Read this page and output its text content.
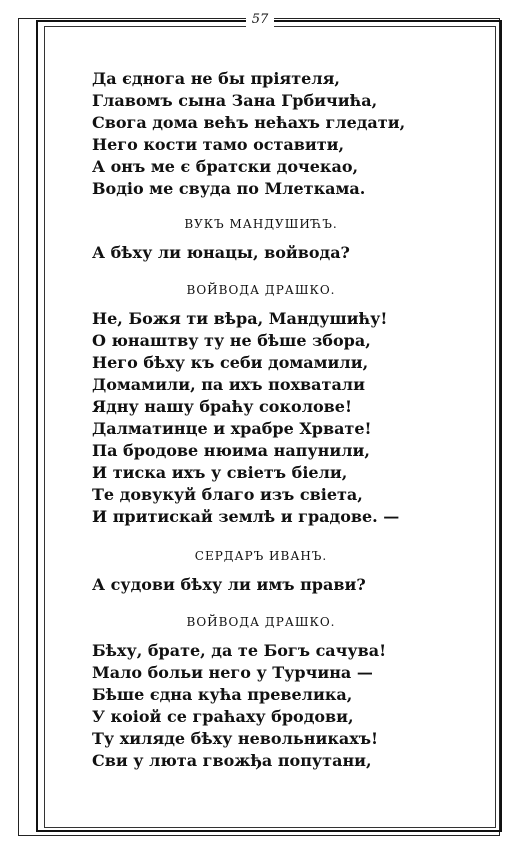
57
Да єдногa не бы прiятеля,
Главомъ сына Зана Грбичића,
Свога дома већъ нећахъ гледати,
Него кости тамо оставити,
А онъ ме є братски дочекао,
Водiо ме свуда по Млеткама.
ВУКЪ МАНДУШИЋЪ.
А бѣху ли юнацы, войвода?
ВОЙВОДА ДРАШКО.
Не, Божя ти вѣра, Мандушићу!
О юнаштву ту не бѣше збора,
Него бѣху къ себи домамили,
Домамили, па ихъ похватали
Ядну нашу браћу соколове!
Далматинце и храбре Хрвате!
Па бродове нюима напунили,
И тиска ихъ у свiетъ бiели,
Те довукуй благо изъ свiета,
И притискай землѣ и градове. —
СЕРДАРЪ ИВАНЪ.
А судови бѣху ли имъ прави?
ВОЙВОДА ДРАШКО.
Бѣху, брате, да те Богъ сачува!
Мало больи него у Турчина —
Бѣше єдна кућа превелика,
У коiой се граћаху бродови,
Ту хиляде бѣху невольникахъ!
Сви у люта гвожђа попутани,
